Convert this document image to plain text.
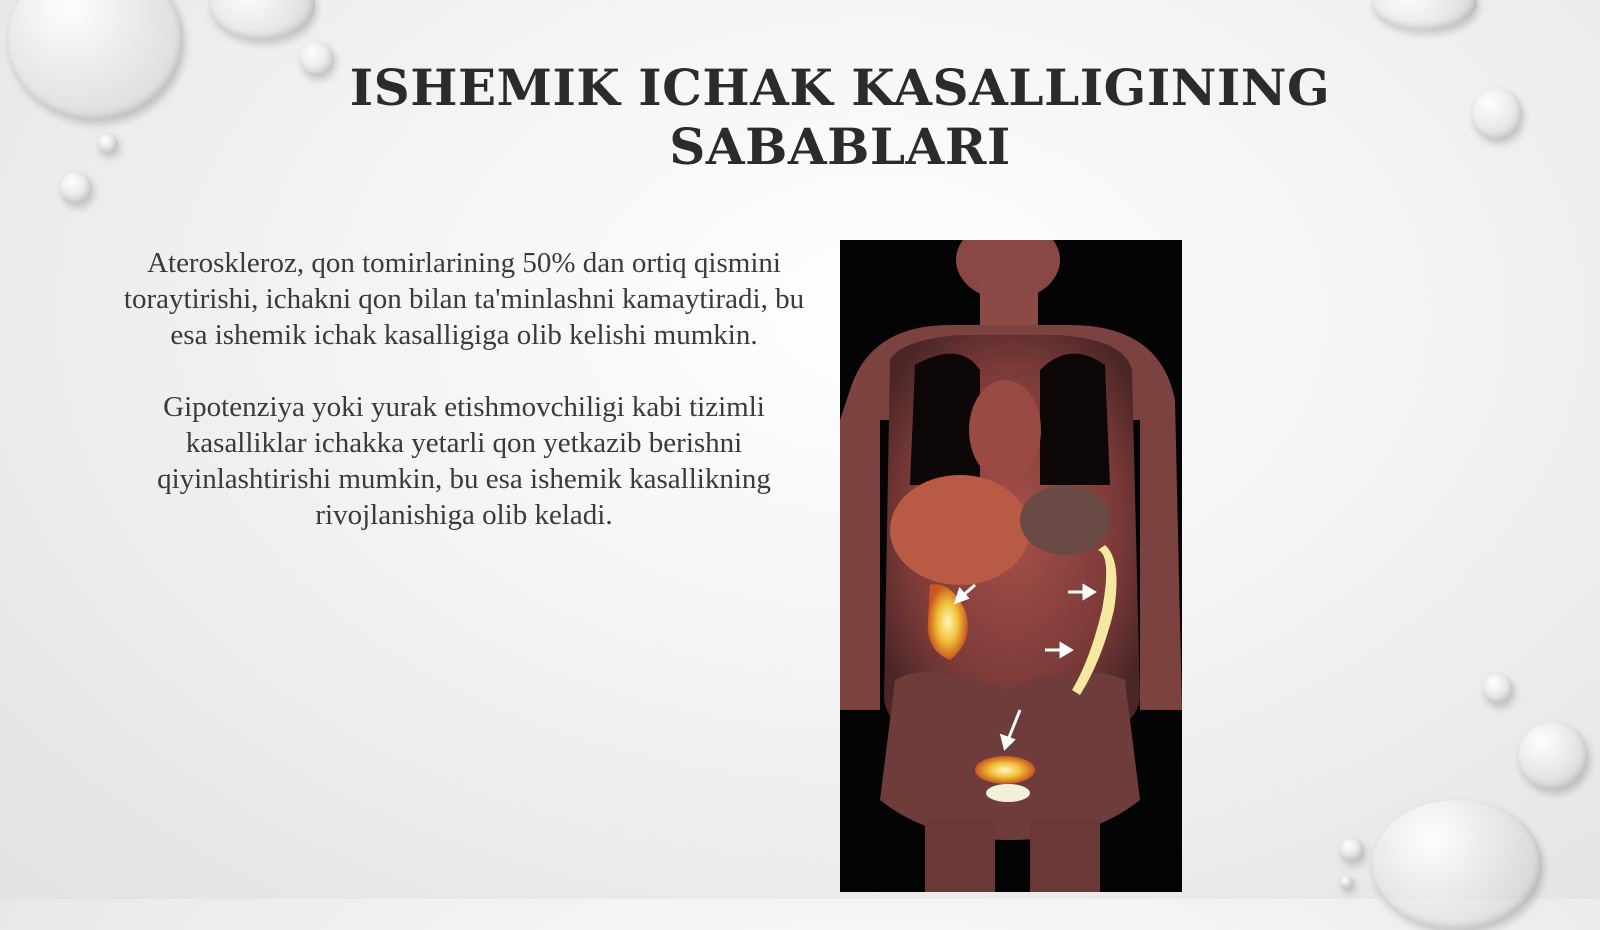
ISHEMIK ICHAK KASALLIGINING SABABLARI

Ateroskleroz, qon tomirlarining 50% dan ortiq qismini toraytirishi, ichakni qon bilan ta'minlashni kamaytiradi, bu esa ishemik ichak kasalligiga olib kelishi mumkin.

Gipotenziya yoki yurak etishmovchiligi kabi tizimli kasalliklar ichakka yetarli qon yetkazib berishni qiyinlashtirishi mumkin, bu esa ishemik kasallikning rivojlanishiga olib keladi.
